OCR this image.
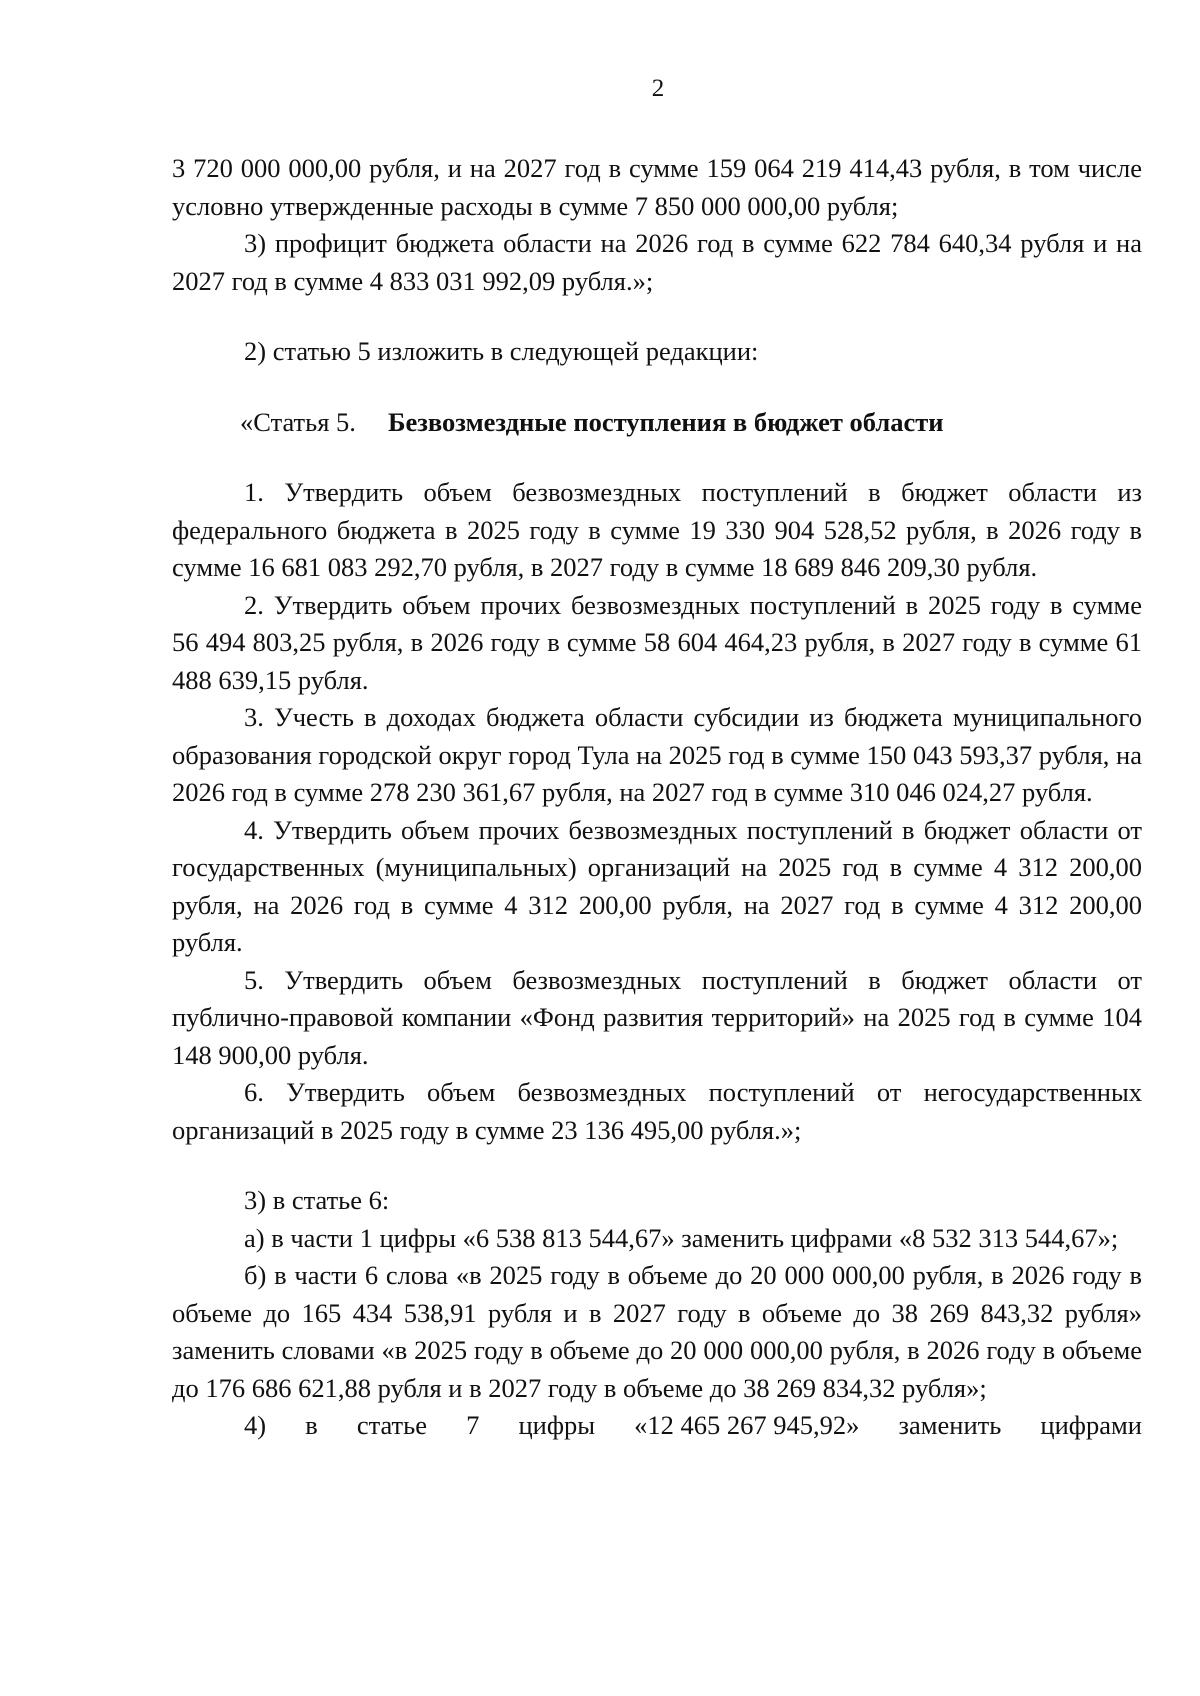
2

3 720 000 000,00 рубля, и на 2027 год в сумме 159 064 219 414,43 рубля, в том числе условно утвержденные расходы в сумме 7 850 000 000,00 рубля;

3) профицит бюджета области на 2026 год в сумме 622 784 640,34 рубля и на 2027 год в сумме 4 833 031 992,09 рубля.»;

2) статью 5 изложить в следующей редакции:

«Статья 5. Безвозмездные поступления в бюджет области

1. Утвердить объем безвозмездных поступлений в бюджет области из федерального бюджета в 2025 году в сумме 19 330 904 528,52 рубля, в 2026 году в сумме 16 681 083 292,70 рубля, в 2027 году в сумме 18 689 846 209,30 рубля.

2. Утвердить объем прочих безвозмездных поступлений в 2025 году в сумме 56 494 803,25 рубля, в 2026 году в сумме 58 604 464,23 рубля, в 2027 году в сумме 61 488 639,15 рубля.

3. Учесть в доходах бюджета области субсидии из бюджета муниципального образования городской округ город Тула на 2025 год в сумме 150 043 593,37 рубля, на 2026 год в сумме 278 230 361,67 рубля, на 2027 год в сумме 310 046 024,27 рубля.

4. Утвердить объем прочих безвозмездных поступлений в бюджет области от государственных (муниципальных) организаций на 2025 год в сумме 4 312 200,00 рубля, на 2026 год в сумме 4 312 200,00 рубля, на 2027 год в сумме 4 312 200,00 рубля.

5. Утвердить объем безвозмездных поступлений в бюджет области от публично-правовой компании «Фонд развития территорий» на 2025 год в сумме 104 148 900,00 рубля.

6. Утвердить объем безвозмездных поступлений от негосударственных организаций в 2025 году в сумме 23 136 495,00 рубля.»;

3) в статье 6:

а) в части 1 цифры «6 538 813 544,67» заменить цифрами «8 532 313 544,67»;

б) в части 6 слова «в 2025 году в объеме до 20 000 000,00 рубля, в 2026 году в объеме до 165 434 538,91 рубля и в 2027 году в объеме до 38 269 843,32 рубля» заменить словами «в 2025 году в объеме до 20 000 000,00 рубля, в 2026 году в объеме до 176 686 621,88 рубля и в 2027 году в объеме до 38 269 834,32 рубля»;

4) в статье 7 цифры «12 465 267 945,92» заменить цифрами
